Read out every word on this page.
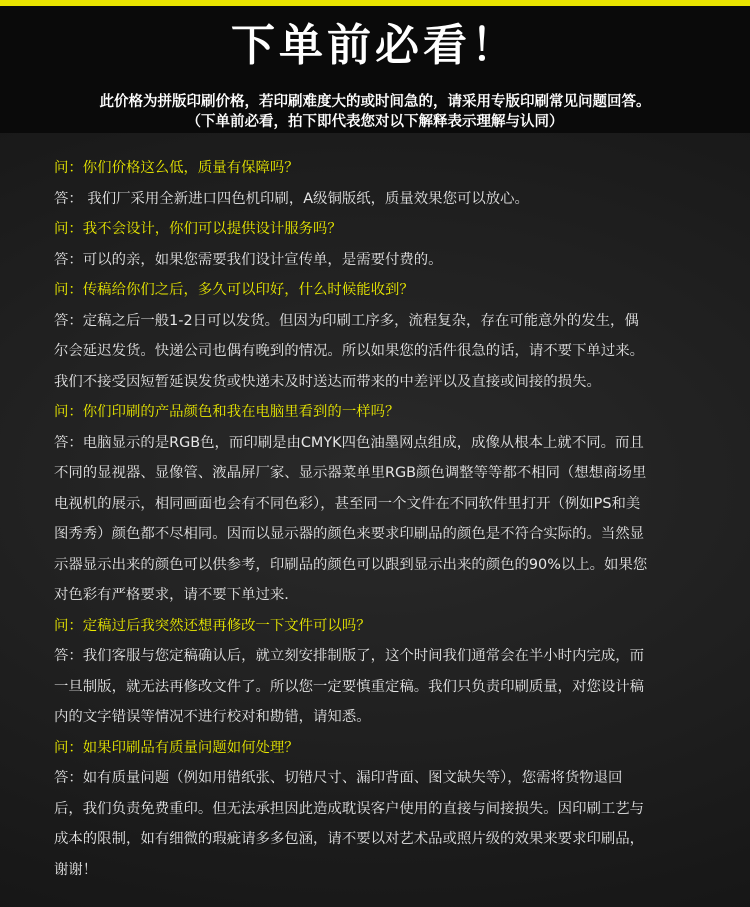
下单前必看！
此价格为拼版印刷价格，若印刷难度大的或时间急的，请采用专版印刷常见问题回答。
（下单前必看，拍下即代表您对以下解释表示理解与认同）
问：你们价格这么低，质量有保障吗？
答： 我们厂采用全新进口四色机印刷，A级铜版纸，质量效果您可以放心。
问：我不会设计，你们可以提供设计服务吗？
答：可以的亲，如果您需要我们设计宣传单，是需要付费的。
问：传稿给你们之后，多久可以印好，什么时候能收到？
答：定稿之后一般1-2日可以发货。但因为印刷工序多，流程复杂，存在可能意外的发生，偶
尔会延迟发货。快递公司也偶有晚到的情况。所以如果您的活件很急的话，请不要下单过来。
我们不接受因短暂延误发货或快递未及时送达而带来的中差评以及直接或间接的损失。
问：你们印刷的产品颜色和我在电脑里看到的一样吗？
答：电脑显示的是RGB色，而印刷是由CMYK四色油墨网点组成，成像从根本上就不同。而且
不同的显视器、显像管、液晶屏厂家、显示器菜单里RGB颜色调整等等都不相同（想想商场里
电视机的展示，相同画面也会有不同色彩），甚至同一个文件在不同软件里打开（例如PS和美
图秀秀）颜色都不尽相同。因而以显示器的颜色来要求印刷品的颜色是不符合实际的。当然显
示器显示出来的颜色可以供参考，印刷品的颜色可以跟到显示出来的颜色的90%以上。如果您
对色彩有严格要求，请不要下单过来.
问：定稿过后我突然还想再修改一下文件可以吗？
答：我们客服与您定稿确认后，就立刻安排制版了，这个时间我们通常会在半小时内完成，而
一旦制版，就无法再修改文件了。所以您一定要慎重定稿。我们只负责印刷质量，对您设计稿
内的文字错误等情况不进行校对和勘错，请知悉。
问：如果印刷品有质量问题如何处理？
答：如有质量问题（例如用错纸张、切错尺寸、漏印背面、图文缺失等），您需将货物退回
后，我们负责免费重印。但无法承担因此造成耽误客户使用的直接与间接损失。因印刷工艺与
成本的限制，如有细微的瑕疵请多多包涵，请不要以对艺术品或照片级的效果来要求印刷品，
谢谢！
